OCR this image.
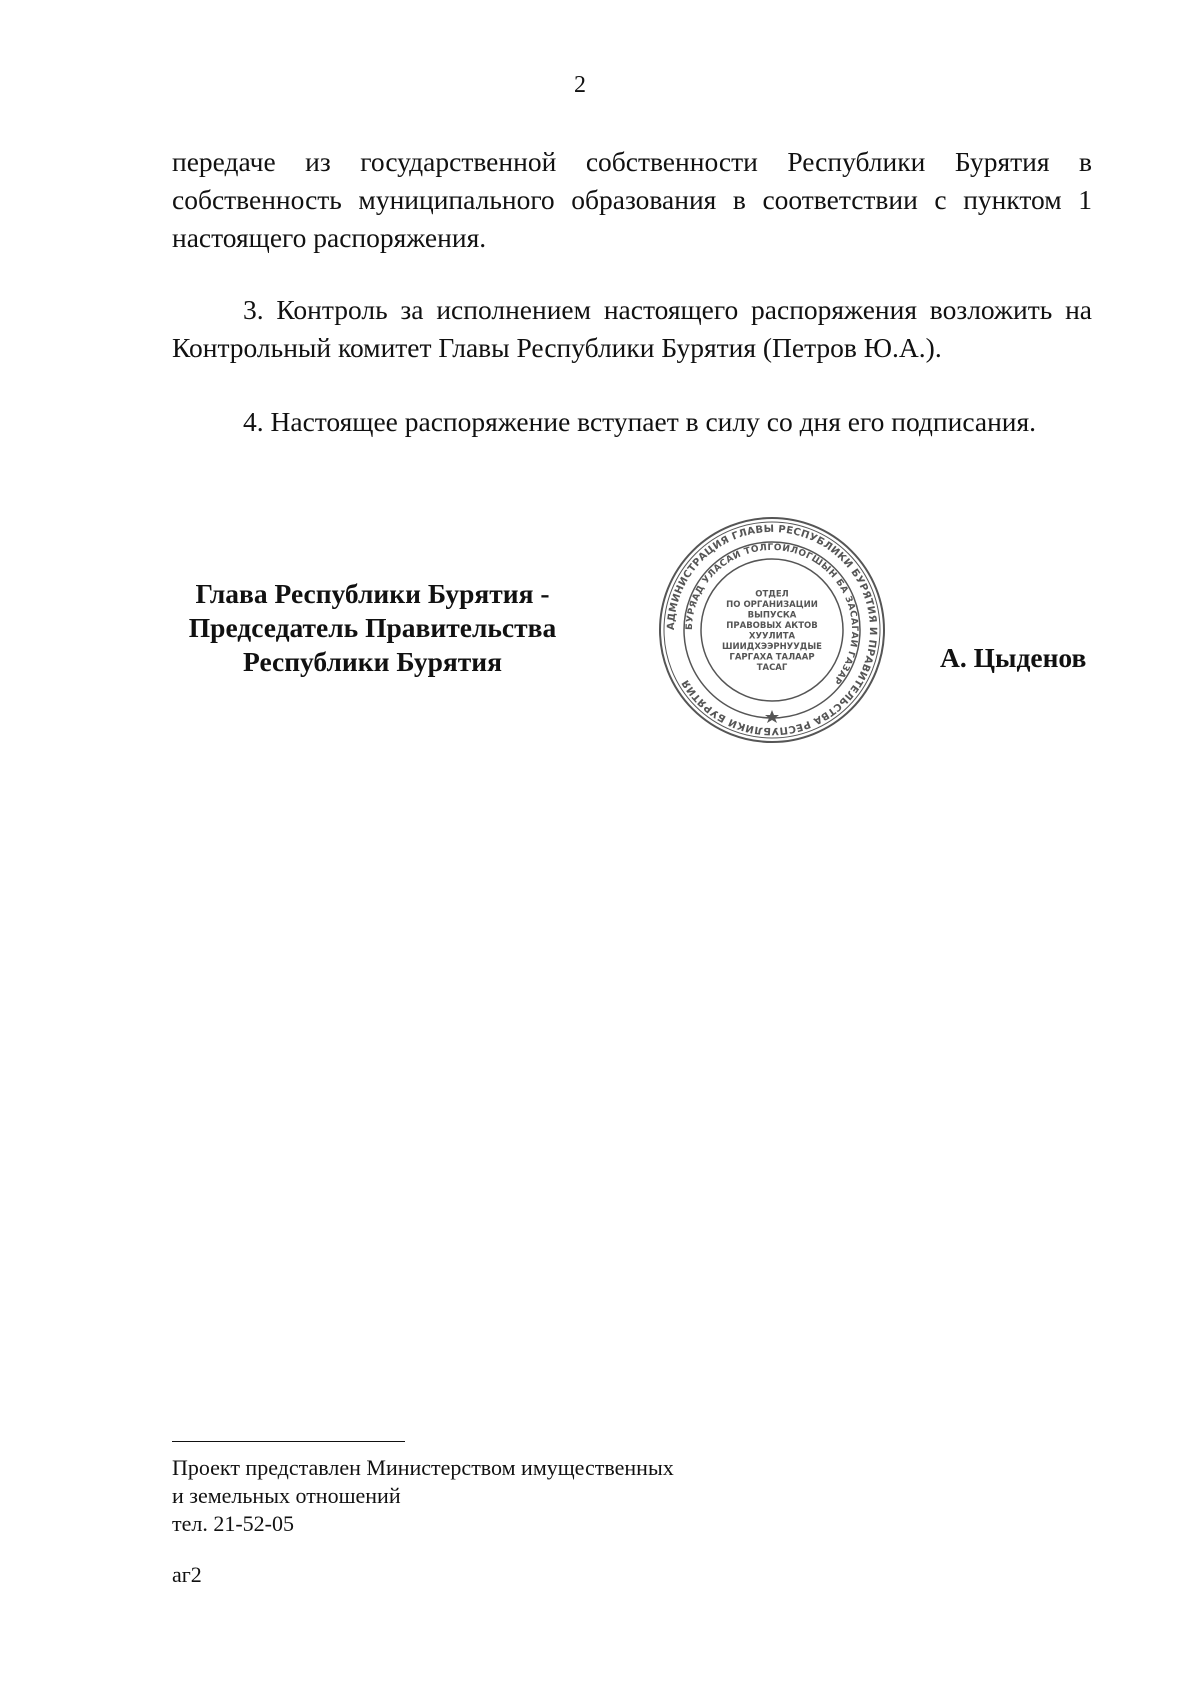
2
передаче из государственной собственности Республики Бурятия в
собственность муниципального образования в соответствии с пунктом 1
настоящего распоряжения.
3. Контроль за исполнением настоящего распоряжения возложить на
Контрольный комитет Главы Республики Бурятия (Петров Ю.А.).
4. Настоящее распоряжение вступает в силу со дня его подписания.
Глава Республики Бурятия -
Председатель Правительства
Республики Бурятия
АДМИНИСТРАЦИЯ ГЛАВЫ РЕСПУБЛИКИ БУРЯТИЯ И ПРАВИТЕЛЬСТВА РЕСПУБЛИКИ БУРЯТИЯ
БУРЯАД УЛАСАЙ ТОЛГОЙЛОГШЫН БА ЗАСАГАЙ ГАЗАР
ОТДЕЛ
ПО ОРГАНИЗАЦИИ
ВЫПУСКА
ПРАВОВЫХ АКТОВ
ХУУЛИТА
ШИИДХЭЭРНУУДЫЕ
ГАРГАХА ТАЛААР
ТАСАГ	А. Цыденов
Проект представлен Министерством имущественных
и земельных отношений
тел. 21-52-05
аг2
